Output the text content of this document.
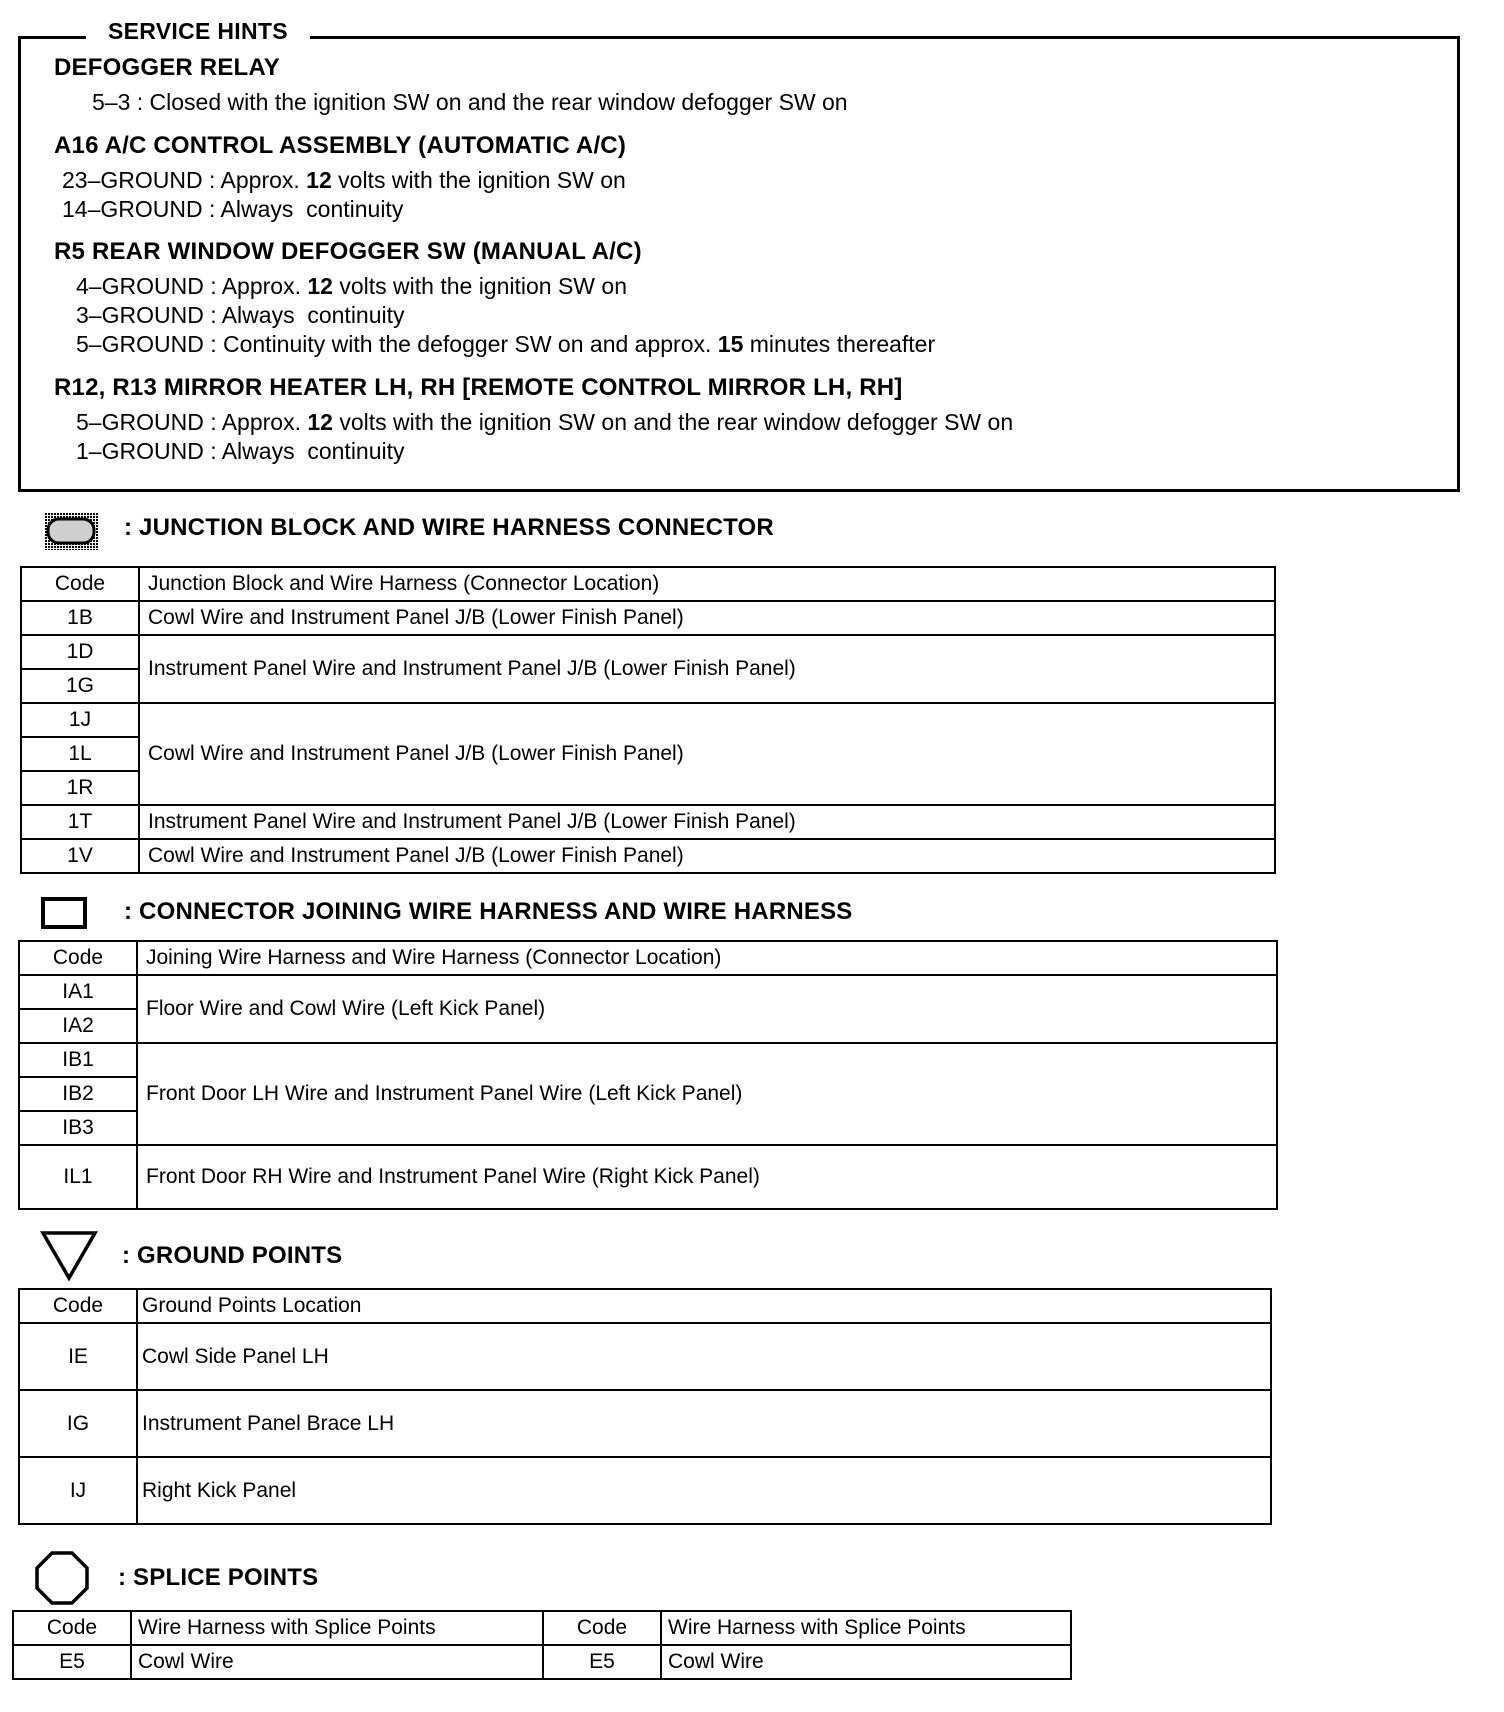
SERVICE HINTS
DEFOGGER RELAY
5–3 : Closed with the ignition SW on and the rear window defogger SW on
A16 A/C CONTROL ASSEMBLY (AUTOMATIC A/C)
23–GROUND : Approx. 12 volts with the ignition SW on
14–GROUND : Always  continuity
R5 REAR WINDOW DEFOGGER SW (MANUAL A/C)
4–GROUND : Approx. 12 volts with the ignition SW on
3–GROUND : Always  continuity
5–GROUND : Continuity with the defogger SW on and approx. 15 minutes thereafter
R12, R13 MIRROR HEATER LH, RH [REMOTE CONTROL MIRROR LH, RH]
5–GROUND : Approx. 12 volts with the ignition SW on and the rear window defogger SW on
1–GROUND : Always  continuity
: JUNCTION BLOCK AND WIRE HARNESS CONNECTOR
Code	Junction Block and Wire Harness (Connector Location)
1B	Cowl Wire and Instrument Panel J/B (Lower Finish Panel)
1D	Instrument Panel Wire and Instrument Panel J/B (Lower Finish Panel)
1G	
1J	Cowl Wire and Instrument Panel J/B (Lower Finish Panel)
1L	
1R	
1T	Instrument Panel Wire and Instrument Panel J/B (Lower Finish Panel)
1V	Cowl Wire and Instrument Panel J/B (Lower Finish Panel)
: CONNECTOR JOINING WIRE HARNESS AND WIRE HARNESS
Code	Joining Wire Harness and Wire Harness (Connector Location)
IA1	Floor Wire and Cowl Wire (Left Kick Panel)
IA2	
IB1	Front Door LH Wire and Instrument Panel Wire (Left Kick Panel)
IB2	
IB3	
IL1	Front Door RH Wire and Instrument Panel Wire (Right Kick Panel)
: GROUND POINTS
Code	Ground Points Location
IE	Cowl Side Panel LH
IG	Instrument Panel Brace LH
IJ	Right Kick Panel
: SPLICE POINTS
Code	Wire Harness with Splice Points	Code	Wire Harness with Splice Points
E5	Cowl Wire	E5	Cowl Wire
